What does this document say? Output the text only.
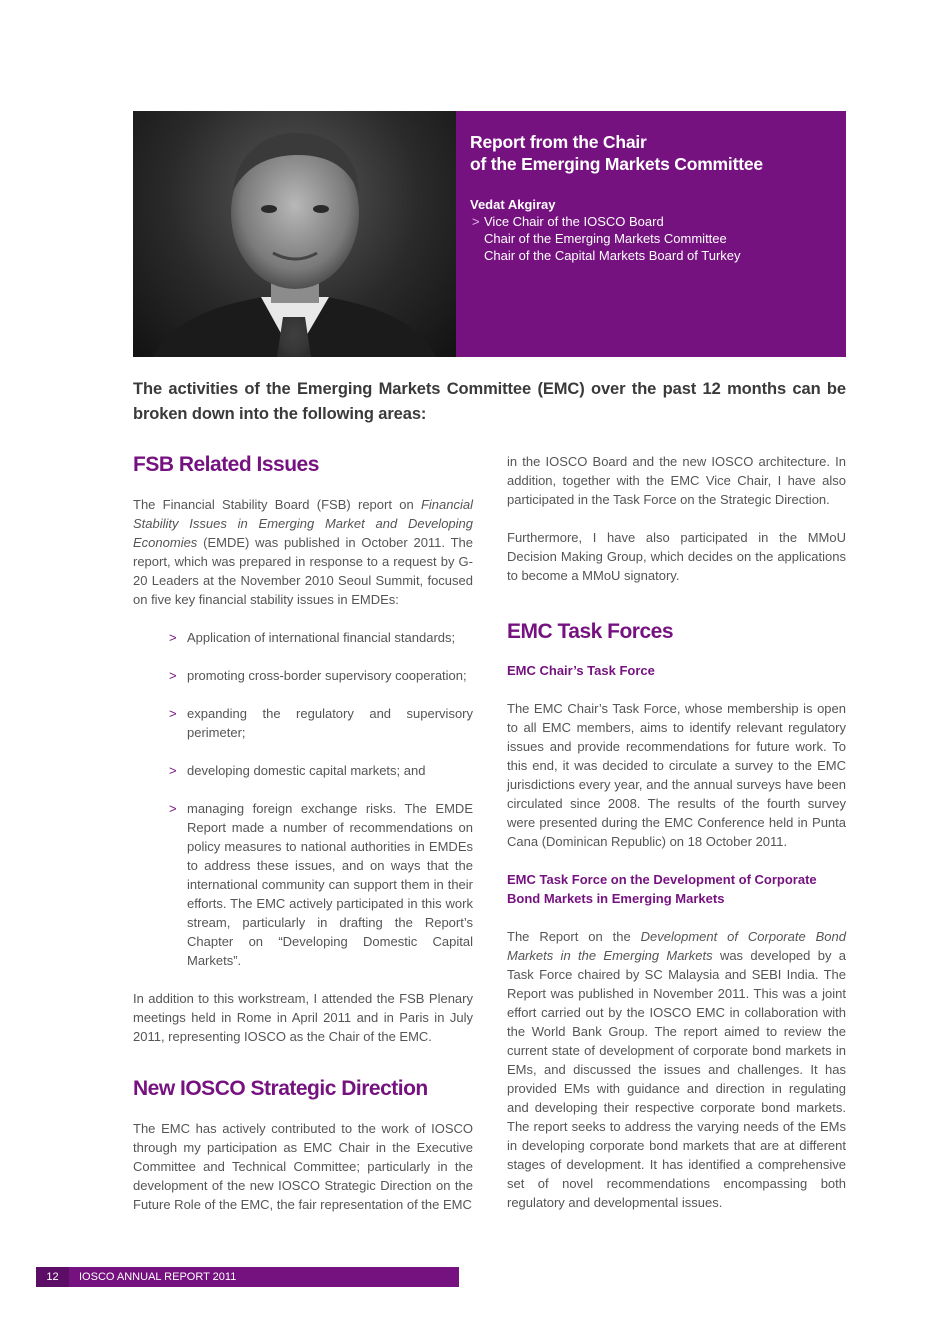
Report from the Chair
of the Emerging Markets Committee
Vedat Akgiray
> Vice Chair of the IOSCO Board
Chair of the Emerging Markets Committee
Chair of the Capital Markets Board of Turkey
The activities of the Emerging Markets Committee (EMC) over the past 12 months can be broken down into the following areas:
FSB Related Issues

The Financial Stability Board (FSB) report on Financial Stability Issues in Emerging Market and Developing Economies (EMDE) was published in October 2011. The report, which was prepared in response to a request by G-20 Leaders at the November 2010 Seoul Summit, focused on five key financial stability issues in EMDEs:

> Application of international financial standards;
> promoting cross-border supervisory cooperation;
> expanding the regulatory and supervisory perimeter;
> developing domestic capital markets; and
> managing foreign exchange risks. The EMDE Report made a number of recommendations on policy measures to national authorities in EMDEs to address these issues, and on ways that the international community can support them in their efforts. The EMC actively participated in this work stream, particularly in drafting the Report’s Chapter on “Developing Domestic Capital Markets”.

In addition to this workstream, I attended the FSB Plenary meetings held in Rome in April 2011 and in Paris in July 2011, representing IOSCO as the Chair of the EMC.

New IOSCO Strategic Direction

The EMC has actively contributed to the work of IOSCO through my participation as EMC Chair in the Executive Committee and Technical Committee; particularly in the development of the new IOSCO Strategic Direction on the Future Role of the EMC, the fair representation of the EMC

in the IOSCO Board and the new IOSCO architecture. In addition, together with the EMC Vice Chair, I have also participated in the Task Force on the Strategic Direction.

Furthermore, I have also participated in the MMoU Decision Making Group, which decides on the applications to become a MMoU signatory.

EMC Task Forces
EMC Chair’s Task Force

The EMC Chair’s Task Force, whose membership is open to all EMC members, aims to identify relevant regulatory issues and provide recommendations for future work. To this end, it was decided to circulate a survey to the EMC jurisdictions every year, and the annual surveys have been circulated since 2008. The results of the fourth survey were presented during the EMC Conference held in Punta Cana (Dominican Republic) on 18 October 2011.

EMC Task Force on the Development of Corporate Bond Markets in Emerging Markets

The Report on the Development of Corporate Bond Markets in the Emerging Markets was developed by a Task Force chaired by SC Malaysia and SEBI India. The Report was published in November 2011. This was a joint effort carried out by the IOSCO EMC in collaboration with the World Bank Group. The report aimed to review the current state of development of corporate bond markets in EMs, and discussed the issues and challenges. It has provided EMs with guidance and direction in regulating and developing their respective corporate bond markets. The report seeks to address the varying needs of the EMs in developing corporate bond markets that are at different stages of development. It has identified a comprehensive set of novel recommendations encompassing both regulatory and developmental issues.

12	IOSCO ANNUAL REPORT 2011
